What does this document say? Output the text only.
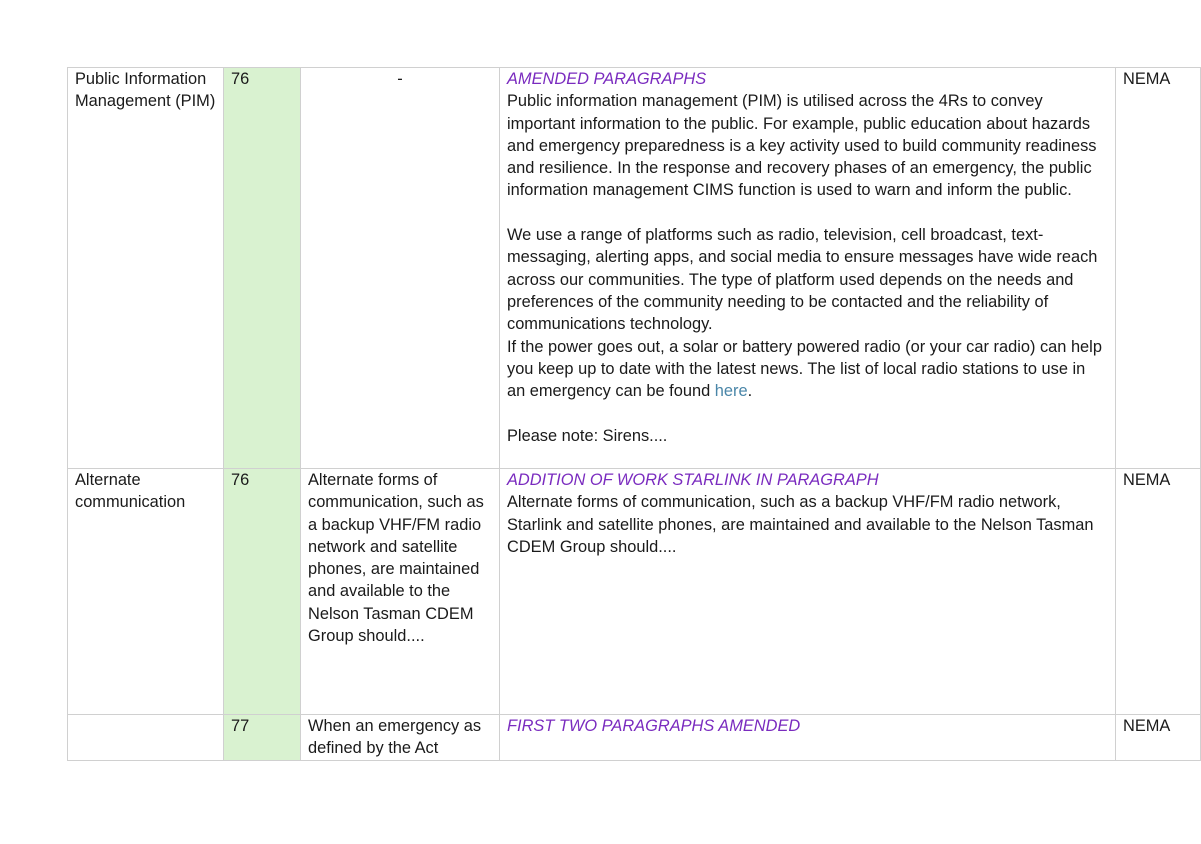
Public Information Management (PIM)	76	-	AMENDED PARAGRAPHS
Public information management (PIM) is utilised across the 4Rs to convey important information to the public. For example, public education about hazards and emergency preparedness is a key activity used to build community readiness and resilience. In the response and recovery phases of an emergency, the public information management CIMS function is used to warn and inform the public.
We use a range of platforms such as radio, television, cell broadcast, text-messaging, alerting apps, and social media to ensure messages have wide reach across our communities. The type of platform used depends on the needs and preferences of the community needing to be contacted and the reliability of communications technology.
If the power goes out, a solar or battery powered radio (or your car radio) can help you keep up to date with the latest news. The list of local radio stations to use in an emergency can be found here.
Please note: Sirens....	NEMA
Alternate communication	76	Alternate forms of communication, such as a backup VHF/FM radio network and satellite phones, are maintained and available to the Nelson Tasman CDEM Group should....	ADDITION OF WORK STARLINK IN PARAGRAPH
Alternate forms of communication, such as a backup VHF/FM radio network, Starlink and satellite phones, are maintained and available to the Nelson Tasman CDEM Group should....	NEMA
	77	When an emergency as defined by the Act	FIRST TWO PARAGRAPHS AMENDED	NEMA
